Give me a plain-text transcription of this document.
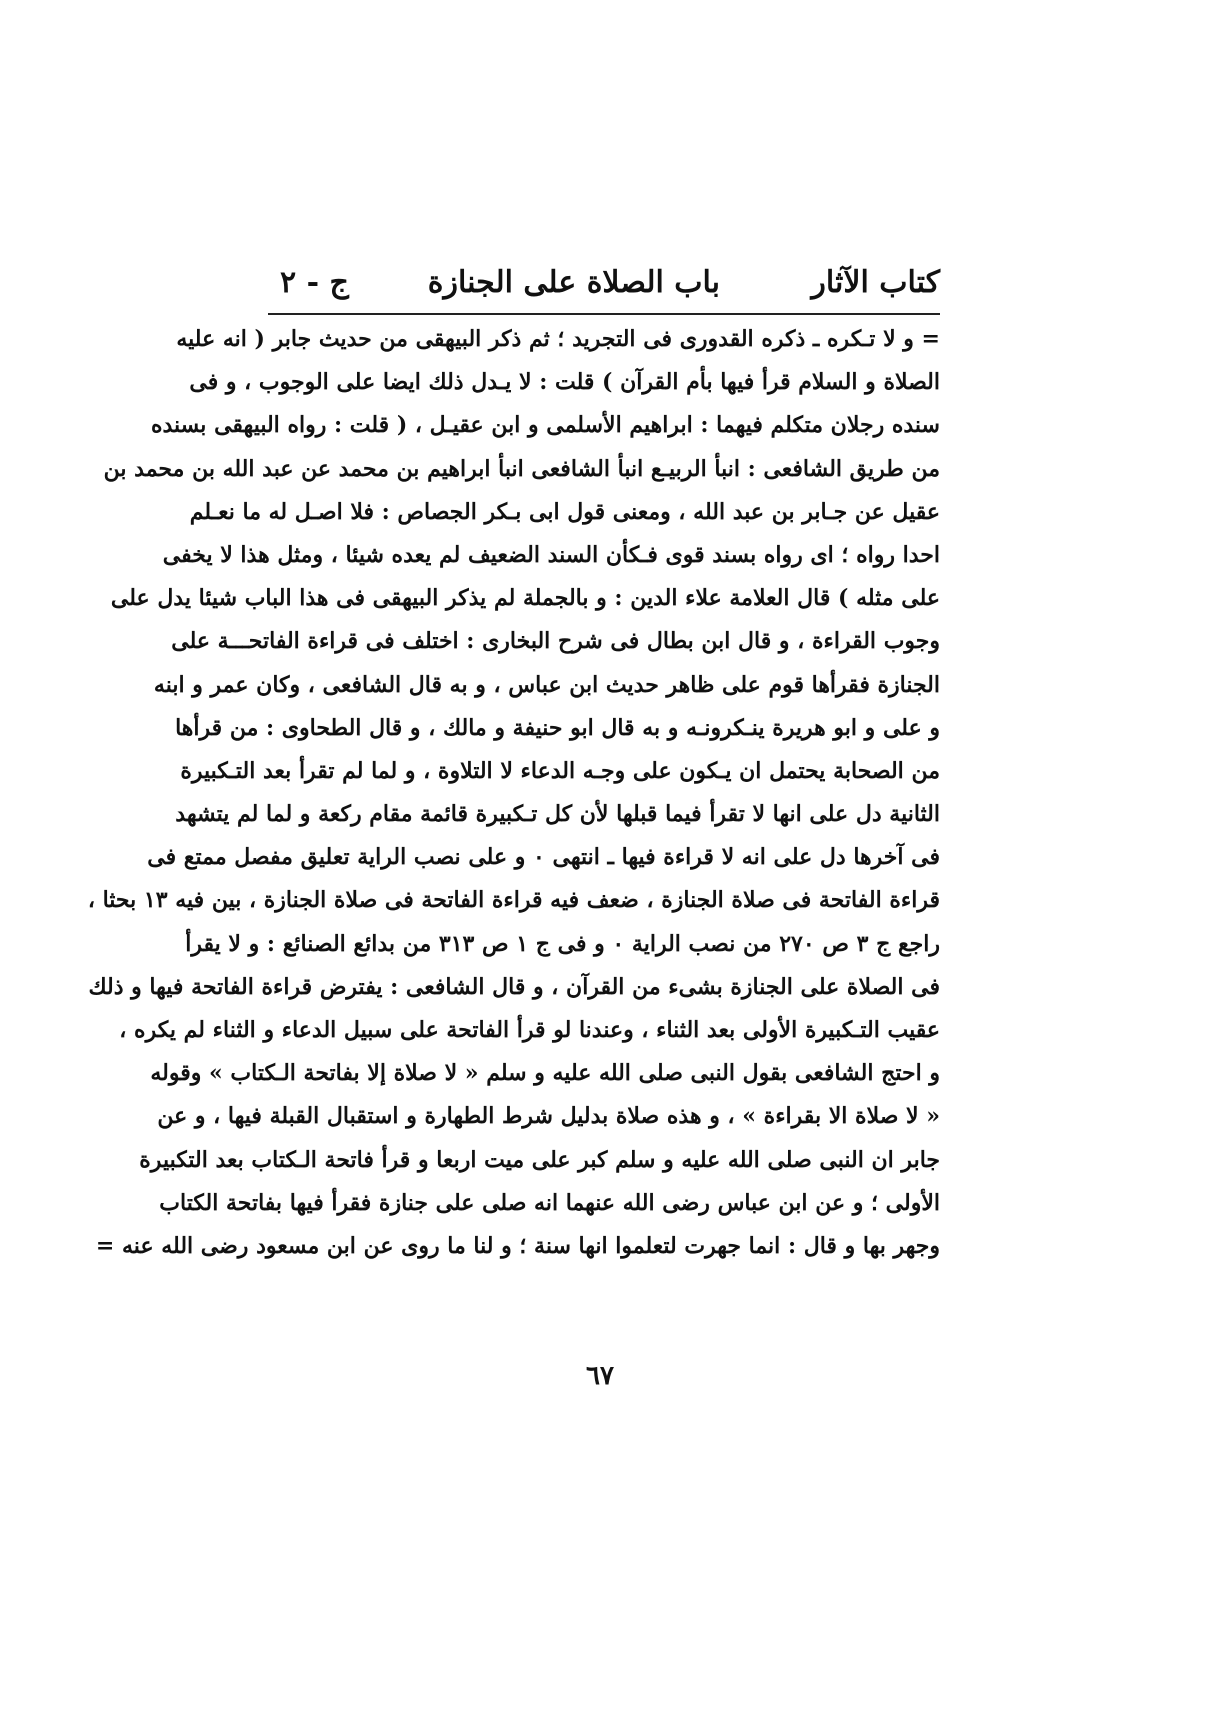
كتاب الآثار
باب الصلاة على الجنازة
ج - ٢
= و لا تـكره ـ ذكره القدورى فى التجريد ؛ ثم ذكر البيهقى من حديث جابر ( انه عليه
الصلاة و السلام قرأ فيها بأم القرآن ) قلت : لا يـدل ذلك ايضا على الوجوب ، و فى
سنده رجلان متكلم فيهما : ابراهيم الأسلمى و ابن عقيـل ، ( قلت : رواه البيهقى بسنده
من طريق الشافعى : انبأ الربيـع انبأ الشافعى انبأ ابراهيم بن محمد عن عبد الله بن محمد بن
عقيل عن جـابر بن عبد الله ، ومعنى قول ابى بـكر الجصاص : فلا اصـل له ما نعـلم
احدا رواه ؛ اى رواه بسند قوى فـكأن السند الضعيف لم يعده شيئا ، ومثل هذا لا يخفى
على مثله ) قال العلامة علاء الدين : و بالجملة لم يذكر البيهقى فى هذا الباب شيئا يدل على
وجوب القراءة ، و قال ابن بطال فى شرح البخارى : اختلف فى قراءة الفاتحـــة على
الجنازة فقرأها قوم على ظاهر حديث ابن عباس ، و به قال الشافعى ، وكان عمر و ابنه
و على و ابو هريرة ينـكرونـه و به قال ابو حنيفة و مالك ، و قال الطحاوى : من قرأها
من الصحابة يحتمل ان يـكون على وجـه الدعاء لا التلاوة ، و لما لم تقرأ بعد التـكبيرة
الثانية دل على انها لا تقرأ فيما قبلها لأن كل تـكبيرة قائمة مقام ركعة و لما لم يتشهد
فى آخرها دل على انه لا قراءة فيها ـ انتهى ٠ و على نصب الراية تعليق مفصل ممتع فى
قراءة الفاتحة فى صلاة الجنازة ، ضعف فيه قراءة الفاتحة فى صلاة الجنازة ، بين فيه ١٣ بحثا ،
راجع ج ٣ ص ٢٧٠ من نصب الراية ٠ و فى ج ١ ص ٣١٣ من بدائع الصنائع : و لا يقرأ
فى الصلاة على الجنازة بشىء من القرآن ، و قال الشافعى : يفترض قراءة الفاتحة فيها و ذلك
عقيب التـكبيرة الأولى بعد الثناء ، وعندنا لو قرأ الفاتحة على سبيل الدعاء و الثناء لم يكره ،
و احتج الشافعى بقول النبى صلى الله عليه و سلم « لا صلاة إلا بفاتحة الـكتاب » وقوله
« لا صلاة الا بقراءة » ، و هذه صلاة بدليل شرط الطهارة و استقبال القبلة فيها ، و عن
جابر ان النبى صلى الله عليه و سلم كبر على ميت اربعا و قرأ فاتحة الـكتاب بعد التكبيرة
الأولى ؛ و عن ابن عباس رضى الله عنهما انه صلى على جنازة فقرأ فيها بفاتحة الكتاب
وجهر بها و قال : انما جهرت لتعلموا انها سنة ؛ و لنا ما روى عن ابن مسعود رضى الله عنه =
٦٧
